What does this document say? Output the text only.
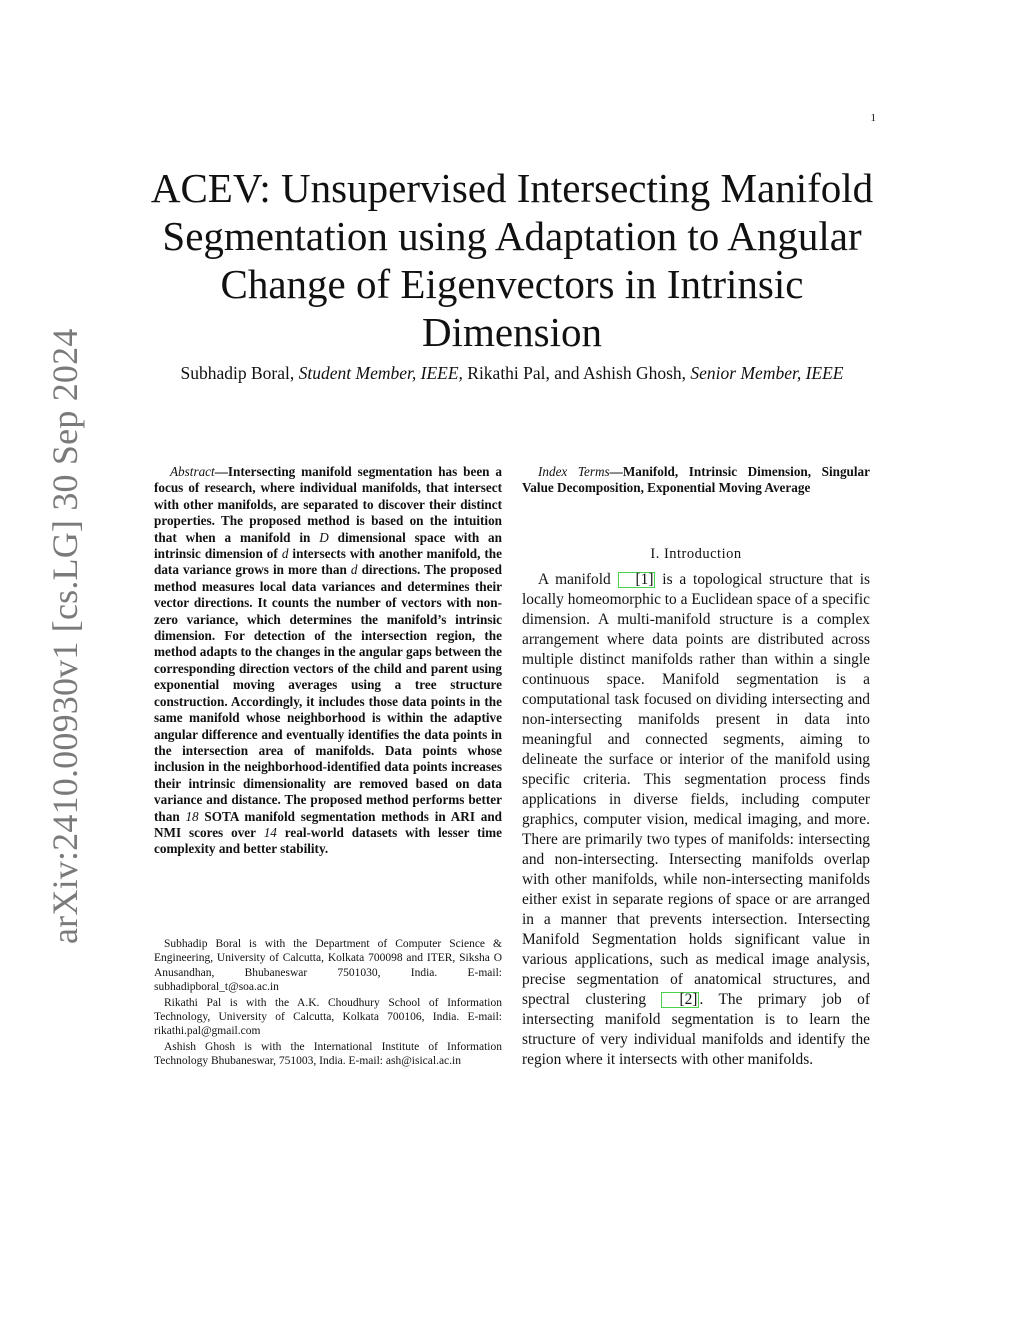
1
arXiv:2410.00930v1 [cs.LG] 30 Sep 2024
ACEV: Unsupervised Intersecting Manifold Segmentation using Adaptation to Angular Change of Eigenvectors in Intrinsic Dimension
Subhadip Boral, Student Member, IEEE, Rikathi Pal, and Ashish Ghosh, Senior Member, IEEE
Abstract—Intersecting manifold segmentation has been a focus of research, where individual manifolds, that intersect with other manifolds, are separated to discover their distinct properties. The proposed method is based on the intuition that when a manifold in D dimensional space with an intrinsic dimension of d intersects with another manifold, the data variance grows in more than d directions. The proposed method measures local data variances and determines their vector directions. It counts the number of vectors with non-zero variance, which determines the manifold’s intrinsic dimension. For detection of the intersection region, the method adapts to the changes in the angular gaps between the corresponding direction vectors of the child and parent using exponential moving averages using a tree structure construction. Accordingly, it includes those data points in the same manifold whose neighborhood is within the adaptive angular difference and eventually identifies the data points in the intersection area of manifolds. Data points whose inclusion in the neighborhood-identified data points increases their intrinsic dimensionality are removed based on data variance and distance. The proposed method performs better than 18 SOTA manifold segmentation methods in ARI and NMI scores over 14 real-world datasets with lesser time complexity and better stability.

Subhadip Boral is with the Department of Computer Science & Engineering, University of Calcutta, Kolkata 700098 and ITER, Siksha O Anusandhan, Bhubaneswar 7501030, India. E-mail: subhadipboral_t@soa.ac.in

Rikathi Pal is with the A.K. Choudhury School of Information Technology, University of Calcutta, Kolkata 700106, India. E-mail: rikathi.pal@gmail.com

Ashish Ghosh is with the International Institute of Information Technology Bhubaneswar, 751003, India. E-mail: ash@isical.ac.in

Index Terms—Manifold, Intrinsic Dimension, Singular Value Decomposition, Exponential Moving Average
I. Introduction
A manifold [1] is a topological structure that is locally homeomorphic to a Euclidean space of a specific dimension. A multi-manifold structure is a complex arrangement where data points are distributed across multiple distinct manifolds rather than within a single continuous space. Manifold segmentation is a computational task focused on dividing intersecting and non-intersecting manifolds present in data into meaningful and connected segments, aiming to delineate the surface or interior of the manifold using specific criteria. This segmentation process finds applications in diverse fields, including computer graphics, computer vision, medical imaging, and more. There are primarily two types of manifolds: intersecting and non-intersecting. Intersecting manifolds overlap with other manifolds, while non-intersecting manifolds either exist in separate regions of space or are arranged in a manner that prevents intersection. Intersecting Manifold Segmentation holds significant value in various applications, such as medical image analysis, precise segmentation of anatomical structures, and spectral clustering [2] . The primary job of intersecting manifold segmentation is to learn the structure of very individual manifolds and identify the region where it intersects with other manifolds.
